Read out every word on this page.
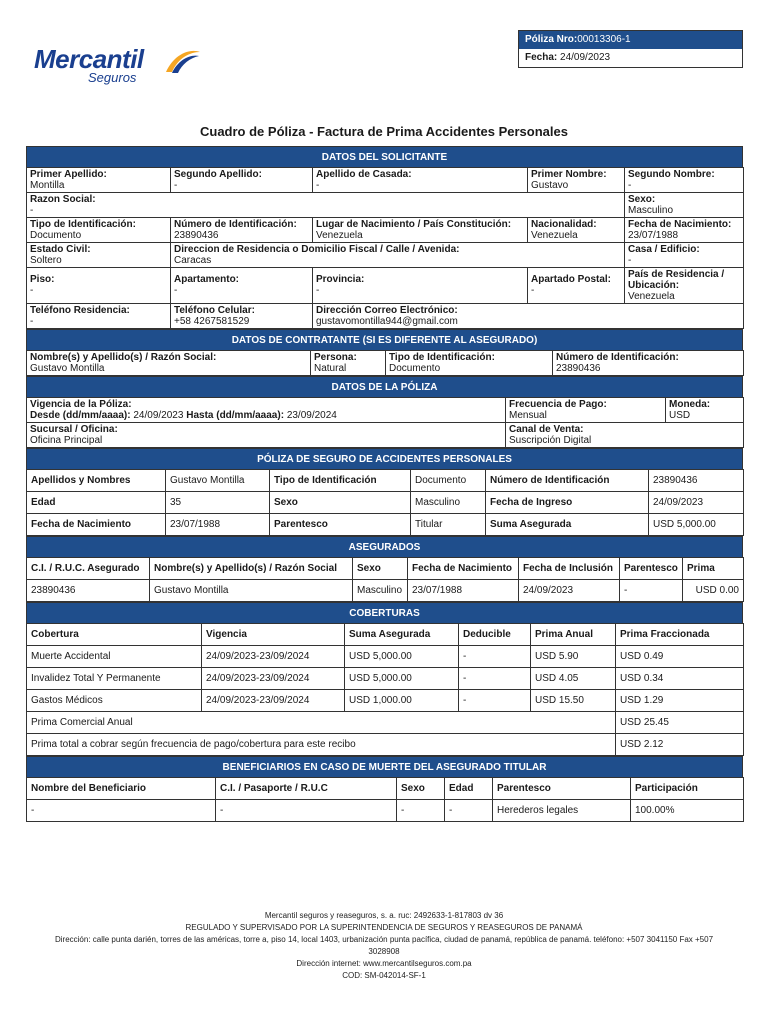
Mercantil
Seguros
Póliza Nro:00013306-1
Fecha: 24/09/2023
Cuadro de Póliza - Factura de Prima Accidentes Personales
DATOS DEL SOLICITANTE
Primer Apellido:
Montilla	Segundo Apellido:
-	Apellido de Casada:
-	Primer Nombre:
Gustavo	Segundo Nombre:
-

Razon Social:
-				Sexo:
Masculino

Tipo de Identificación:
Documento	Número de Identificación:
23890436	Lugar de Nacimiento / País Constitución:
Venezuela	Nacionalidad:
Venezuela	Fecha de Nacimiento:
23/07/1988

Estado Civil:
Soltero	Direccion de Residencia o Domicilio Fiscal / Calle / Avenida:
Caracas			Casa / Edificio:
-

Piso:
-	Apartamento:
-	Provincia:
-	Apartado Postal:
-	País de Residencia / Ubicación:
Venezuela

Teléfono Residencia:
-	Teléfono Celular:
+58 4267581529	Dirección Correo Electrónico:
gustavomontilla944@gmail.com		
DATOS DE CONTRATANTE (SI ES DIFERENTE AL ASEGURADO)
Nombre(s) y Apellido(s) / Razón Social:
Gustavo Montilla

Persona:
Natural

Tipo de Identificación:
Documento

Número de Identificación:
23890436
DATOS DE LA PÓLIZA
Vigencia de la Póliza:
Desde (dd/mm/aaaa): 24/09/2023 Hasta (dd/mm/aaaa): 23/09/2024	Frecuencia de Pago:
Mensual	Moneda:
USD

Sucursal / Oficina:
Oficina Principal	Canal de Venta:
Suscripción Digital	
PÓLIZA DE SEGURO DE ACCIDENTES PERSONALES
Apellidos y Nombres	Gustavo Montilla	Tipo de Identificación	Documento	Número de Identificación	23890436
Edad	35	Sexo	Masculino	Fecha de Ingreso	24/09/2023
Fecha de Nacimiento	23/07/1988	Parentesco	Titular	Suma Asegurada	USD 5,000.00
ASEGURADOS
C.I. / R.U.C. Asegurado	Nombre(s) y Apellido(s) / Razón Social	Sexo	Fecha de Nacimiento	Fecha de Inclusión	Parentesco	Prima
23890436	Gustavo Montilla	Masculino	23/07/1988	24/09/2023	-	USD 0.00
COBERTURAS
Cobertura	Vigencia	Suma Asegurada	Deducible	Prima Anual	Prima Fraccionada
Muerte Accidental	24/09/2023-23/09/2024	USD 5,000.00	-	USD 5.90	USD 0.49
Invalidez Total Y Permanente	24/09/2023-23/09/2024	USD 5,000.00	-	USD 4.05	USD 0.34
Gastos Médicos	24/09/2023-23/09/2024	USD 1,000.00	-	USD 15.50	USD 1.29
Prima Comercial Anual					USD 25.45
Prima total a cobrar según frecuencia de pago/cobertura para este recibo					USD 2.12
BENEFICIARIOS EN CASO DE MUERTE DEL ASEGURADO TITULAR
Nombre del Beneficiario	C.I. / Pasaporte / R.U.C	Sexo	Edad	Parentesco	Participación
-	-	-	-	Herederos legales	100.00%
Mercantil seguros y reaseguros, s. a. ruc: 2492633-1-817803 dv 36
REGULADO Y SUPERVISADO POR LA SUPERINTENDENCIA DE SEGUROS Y REASEGUROS DE PANAMÁ
Dirección: calle punta darién, torres de las américas, torre a, piso 14, local 1403, urbanización punta pacífica, ciudad de panamá, república de panamá. teléfono: +507 3041150 Fax +507 3028908
Dirección internet: www.mercantilseguros.com.pa
COD: SM-042014-SF-1
